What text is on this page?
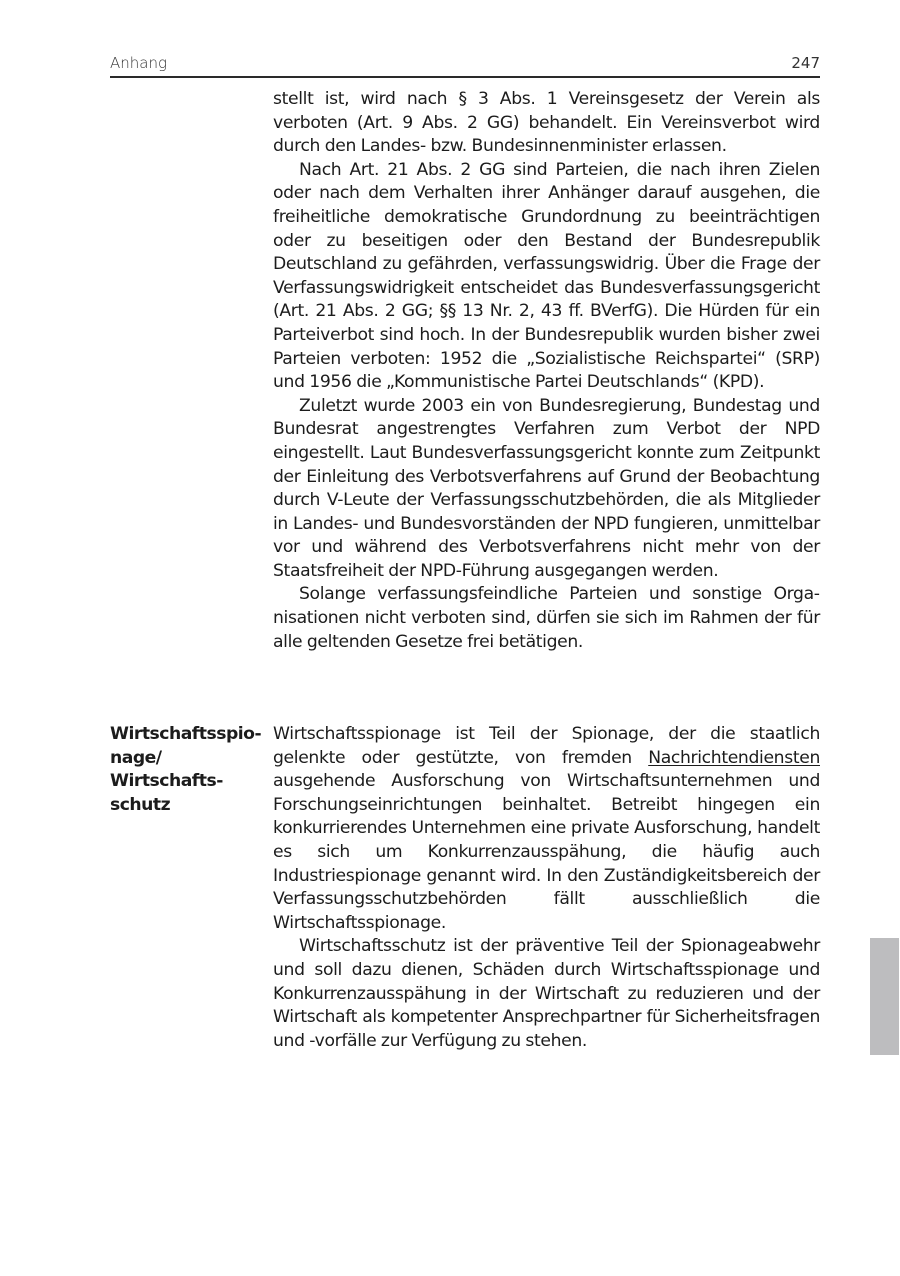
Anhang	247

stellt ist, wird nach § 3 Abs. 1 Vereinsgesetz der Verein als verboten (Art. 9 Abs. 2 GG) behandelt. Ein Vereinsverbot wird durch den Landes- bzw. Bundesinnenminister erlassen.

Nach Art. 21 Abs. 2 GG sind Parteien, die nach ihren Zielen oder nach dem Verhalten ihrer Anhänger darauf ausgehen, die freiheitliche demokratische Grundordnung zu beeinträchtigen oder zu beseitigen oder den Bestand der Bundesrepublik Deutschland zu gefährden, verfassungswidrig. Über die Frage der Verfassungswidrigkeit entscheidet das Bundesverfassungsgericht (Art. 21 Abs. 2 GG; §§ 13 Nr. 2, 43 ff. BVerfG). Die Hürden für ein Parteiverbot sind hoch. In der Bundesrepublik wurden bisher zwei Parteien verboten: 1952 die „Sozialistische Reichspartei“ (SRP) und 1956 die „Kommunistische Partei Deutschlands“ (KPD).

Zuletzt wurde 2003 ein von Bundesregierung, Bundestag und Bundesrat angestrengtes Verfahren zum Verbot der NPD eingestellt. Laut Bundesverfassungsgericht konnte zum Zeitpunkt der Einleitung des Verbotsverfahrens auf Grund der Beobachtung durch V-Leute der Verfassungsschutzbehörden, die als Mitglieder in Landes- und Bundesvorständen der NPD fungieren, unmittelbar vor und während des Verbotsverfahrens nicht mehr von der Staatsfreiheit der NPD-Führung ausgegangen werden.

Solange verfassungsfeindliche Parteien und sonstige Organisationen nicht verboten sind, dürfen sie sich im Rahmen der für alle geltenden Gesetze frei betätigen.

Wirtschaftsspio-
nage/
Wirtschafts-
schutz

Wirtschaftsspionage ist Teil der Spionage, der die staatlich gelenkte oder gestützte, von fremden Nachrichtendiensten ausgehende Ausforschung von Wirtschaftsunternehmen und Forschungseinrichtungen beinhaltet. Betreibt hingegen ein konkurrierendes Unternehmen eine private Ausforschung, handelt es sich um Konkurrenzausspähung, die häufig auch Industriespionage genannt wird. In den Zuständigkeitsbereich der Verfassungsschutzbehörden fällt ausschließlich die Wirtschaftsspionage.

Wirtschaftsschutz ist der präventive Teil der Spionageabwehr und soll dazu dienen, Schäden durch Wirtschaftsspionage und Konkurrenzausspähung in der Wirtschaft zu reduzieren und der Wirtschaft als kompetenter Ansprechpartner für Sicherheitsfragen und -vorfälle zur Verfügung zu stehen.
